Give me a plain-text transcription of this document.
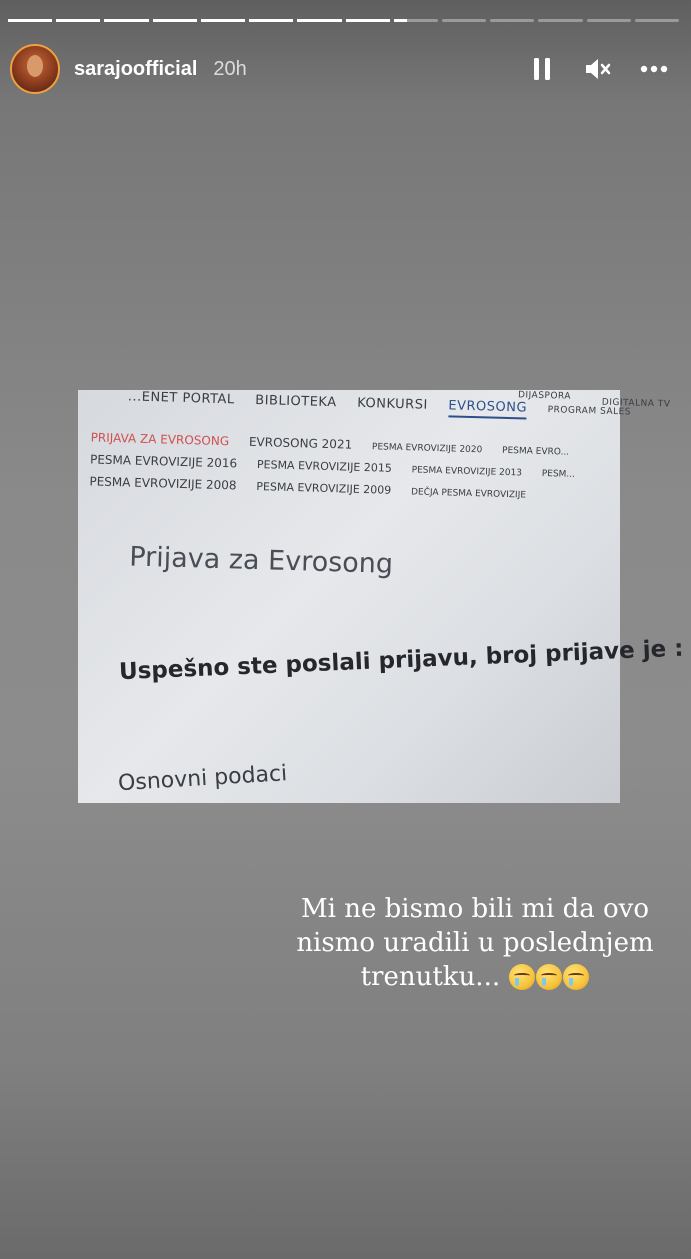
sarajoofficial 20h
...ENET PORTAL BIBLIOTEKA KONKURSI EVROSONG PROGRAM SALES
DIJASPORA
DIGITALNA TV
PRIJAVA ZA EVROSONG EVROSONG 2021 PESMA EVROVIZIJE 2020 PESMA EVRO...
PESMA EVROVIZIJE 2016 PESMA EVROVIZIJE 2015 PESMA EVROVIZIJE 2013 PESM...
PESMA EVROVIZIJE 2008 PESMA EVROVIZIJE 2009 DEČJA PESMA EVROVIZIJE
Prijava za Evrosong
Uspešno ste poslali prijavu, broj prijave je :
Osnovni podaci
Mi ne bismo bili mi da ovo
nismo uradili u poslednjem
trenutku...
